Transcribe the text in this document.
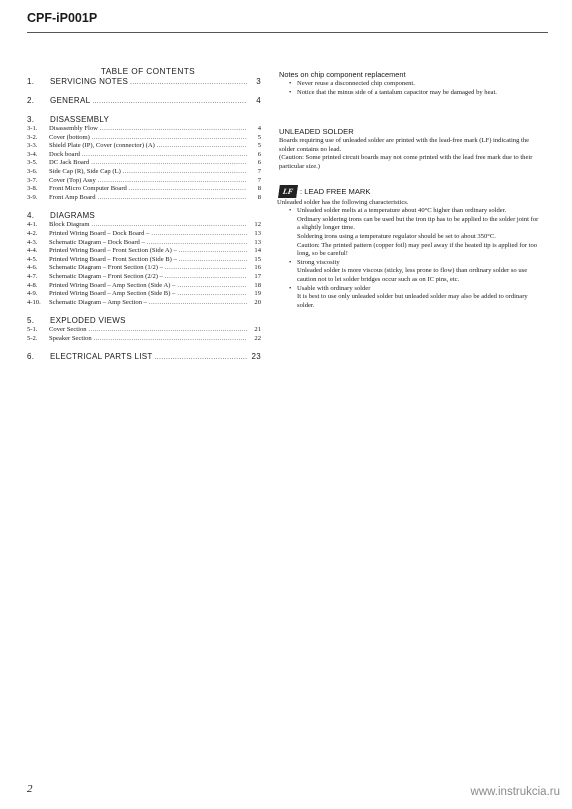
CPF-iP001P
TABLE OF CONTENTS
1.	SERVICING NOTES .....	3
2.	GENERAL .....	4
3.	DISASSEMBLY
3-1.	Disassembly Flow .....	4
3-2.	Cover (bottom) .....	5
3-3.	Shield Plate (IP), Cover (connector) (A) .....	5
3-4.	Dock board .....	6
3-5.	DC Jack Board .....	6
3-6.	Side Cap (R), Side Cap (L) .....	7
3-7.	Cover (Top) Assy .....	7
3-8.	Front Micro Computer Board .....	8
3-9.	Front Amp Board .....	8
4.	DIAGRAMS
4-1.	Block Diagram .....	12
4-2.	Printed Wiring Board – Dock Board – .....	13
4-3.	Schematic Diagram – Dock Board – .....	13
4-4.	Printed Wiring Board – Front Section (Side A) – .....	14
4-5.	Printed Wiring Board – Front Section (Side B) – .....	15
4-6.	Schematic Diagram – Front Section (1/2) – .....	16
4-7.	Schematic Diagram – Front Section (2/2) – .....	17
4-8.	Printed Wiring Board – Amp Section (Side A) – .....	18
4-9.	Printed Wiring Board – Amp Section (Side B) – .....	19
4-10.	Schematic Diagram – Amp Section – .....	20
5.	EXPLODED VIEWS
5-1.	Cover Section .....	21
5-2.	Speaker Section .....	22
6.	ELECTRICAL PARTS LIST .....	23
Notes on chip component replacement
• Never reuse a disconnected chip component.
• Notice that the minus side of a tantalum capacitor may be damaged by heat.
UNLEADED SOLDER
Boards requiring use of unleaded solder are printed with the lead-free mark (LF) indicating the solder contains no lead.
(Caution: Some printed circuit boards may not come printed with the lead free mark due to their particular size.)
LF : LEAD FREE MARK
Unleaded solder has the following characteristics.
• Unleaded solder melts at a temperature about 40°C higher than ordinary solder.
Ordinary soldering irons can be used but the iron tip has to be applied to the solder joint for a slightly longer time.
Soldering irons using a temperature regulator should be set to about 350°C.
Caution: The printed pattern (copper foil) may peel away if the heated tip is applied for too long, so be careful!
• Strong viscosity
Unleaded solder is more viscous (sticky, less prone to flow) than ordinary solder so use caution not to let solder bridges occur such as on IC pins, etc.
• Usable with ordinary solder
It is best to use only unleaded solder but unleaded solder may also be added to ordinary solder.
2	www.instrukcia.ru
